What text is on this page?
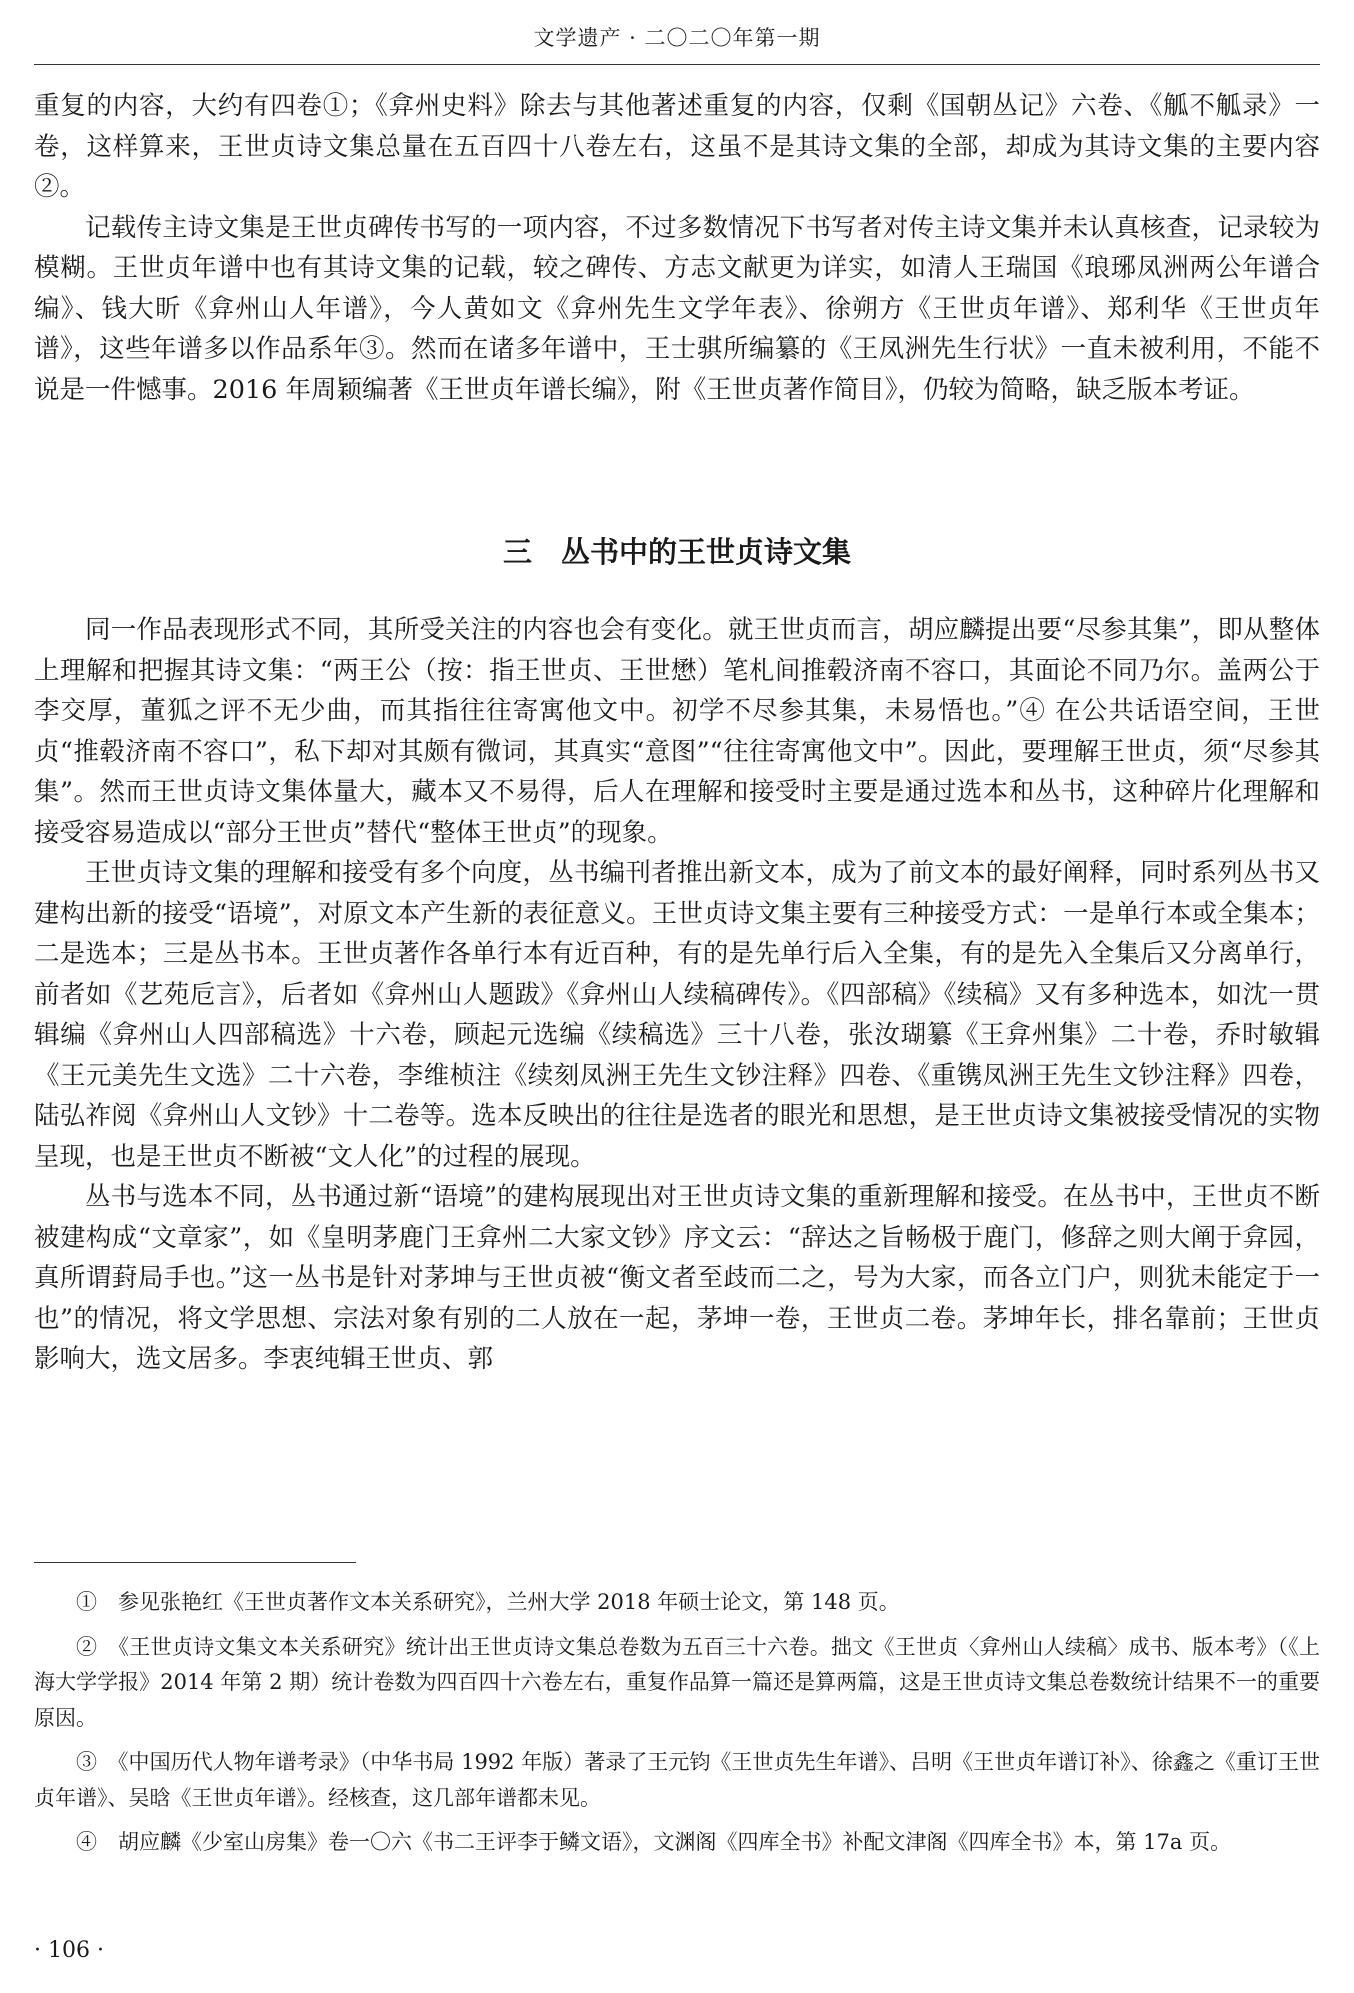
文学遗产 · 二〇二〇年第一期

重复的内容，大约有四卷①；《弇州史料》除去与其他著述重复的内容，仅剩《国朝丛记》六卷、《觚不觚录》一卷，这样算来，王世贞诗文集总量在五百四十八卷左右，这虽不是其诗文集的全部，却成为其诗文集的主要内容②。

记载传主诗文集是王世贞碑传书写的一项内容，不过多数情况下书写者对传主诗文集并未认真核查，记录较为模糊。王世贞年谱中也有其诗文集的记载，较之碑传、方志文献更为详实，如清人王瑞国《琅琊凤洲两公年谱合编》、钱大昕《弇州山人年谱》，今人黄如文《弇州先生文学年表》、徐朔方《王世贞年谱》、郑利华《王世贞年谱》，这些年谱多以作品系年③。然而在诸多年谱中，王士骐所编纂的《王凤洲先生行状》一直未被利用，不能不说是一件憾事。2016 年周颖编著《王世贞年谱长编》，附《王世贞著作简目》，仍较为简略，缺乏版本考证。

三　丛书中的王世贞诗文集

同一作品表现形式不同，其所受关注的内容也会有变化。就王世贞而言，胡应麟提出要“尽参其集”，即从整体上理解和把握其诗文集：“两王公（按：指王世贞、王世懋）笔札间推毂济南不容口，其面论不同乃尔。盖两公于李交厚，董狐之评不无少曲，而其指往往寄寓他文中。初学不尽参其集，未易悟也。”④ 在公共话语空间，王世贞“推毂济南不容口”，私下却对其颇有微词，其真实“意图”“往往寄寓他文中”。因此，要理解王世贞，须“尽参其集”。然而王世贞诗文集体量大，藏本又不易得，后人在理解和接受时主要是通过选本和丛书，这种碎片化理解和接受容易造成以“部分王世贞”替代“整体王世贞”的现象。

王世贞诗文集的理解和接受有多个向度，丛书编刊者推出新文本，成为了前文本的最好阐释，同时系列丛书又建构出新的接受“语境”，对原文本产生新的表征意义。王世贞诗文集主要有三种接受方式：一是单行本或全集本；二是选本；三是丛书本。王世贞著作各单行本有近百种，有的是先单行后入全集，有的是先入全集后又分离单行，前者如《艺苑卮言》，后者如《弇州山人题跋》《弇州山人续稿碑传》。《四部稿》《续稿》又有多种选本，如沈一贯辑编《弇州山人四部稿选》十六卷，顾起元选编《续稿选》三十八卷，张汝瑚纂《王弇州集》二十卷，乔时敏辑《王元美先生文选》二十六卷，李维桢注《续刻凤洲王先生文钞注释》四卷、《重镌凤洲王先生文钞注释》四卷，陆弘祚阅《弇州山人文钞》十二卷等。选本反映出的往往是选者的眼光和思想，是王世贞诗文集被接受情况的实物呈现，也是王世贞不断被“文人化”的过程的展现。

丛书与选本不同，丛书通过新“语境”的建构展现出对王世贞诗文集的重新理解和接受。在丛书中，王世贞不断被建构成“文章家”，如《皇明茅鹿门王弇州二大家文钞》序文云：“辞达之旨畅极于鹿门，修辞之则大阐于弇园，真所谓葑局手也。”这一丛书是针对茅坤与王世贞被“衡文者至歧而二之，号为大家，而各立门户，则犹未能定于一也”的情况，将文学思想、宗法对象有别的二人放在一起，茅坤一卷，王世贞二卷。茅坤年长，排名靠前；王世贞影响大，选文居多。李衷纯辑王世贞、郭

①　参见张艳红《王世贞著作文本关系研究》，兰州大学 2018 年硕士论文，第 148 页。

②　《王世贞诗文集文本关系研究》统计出王世贞诗文集总卷数为五百三十六卷。拙文《王世贞〈弇州山人续稿〉成书、版本考》（《上海大学学报》2014 年第 2 期）统计卷数为四百四十六卷左右，重复作品算一篇还是算两篇，这是王世贞诗文集总卷数统计结果不一的重要原因。

③　《中国历代人物年谱考录》（中华书局 1992 年版）著录了王元钧《王世贞先生年谱》、吕明《王世贞年谱订补》、徐鑫之《重订王世贞年谱》、吴晗《王世贞年谱》。经核查，这几部年谱都未见。

④　胡应麟《少室山房集》卷一〇六《书二王评李于鳞文语》，文渊阁《四库全书》补配文津阁《四库全书》本，第 17a 页。

· 106 ·
